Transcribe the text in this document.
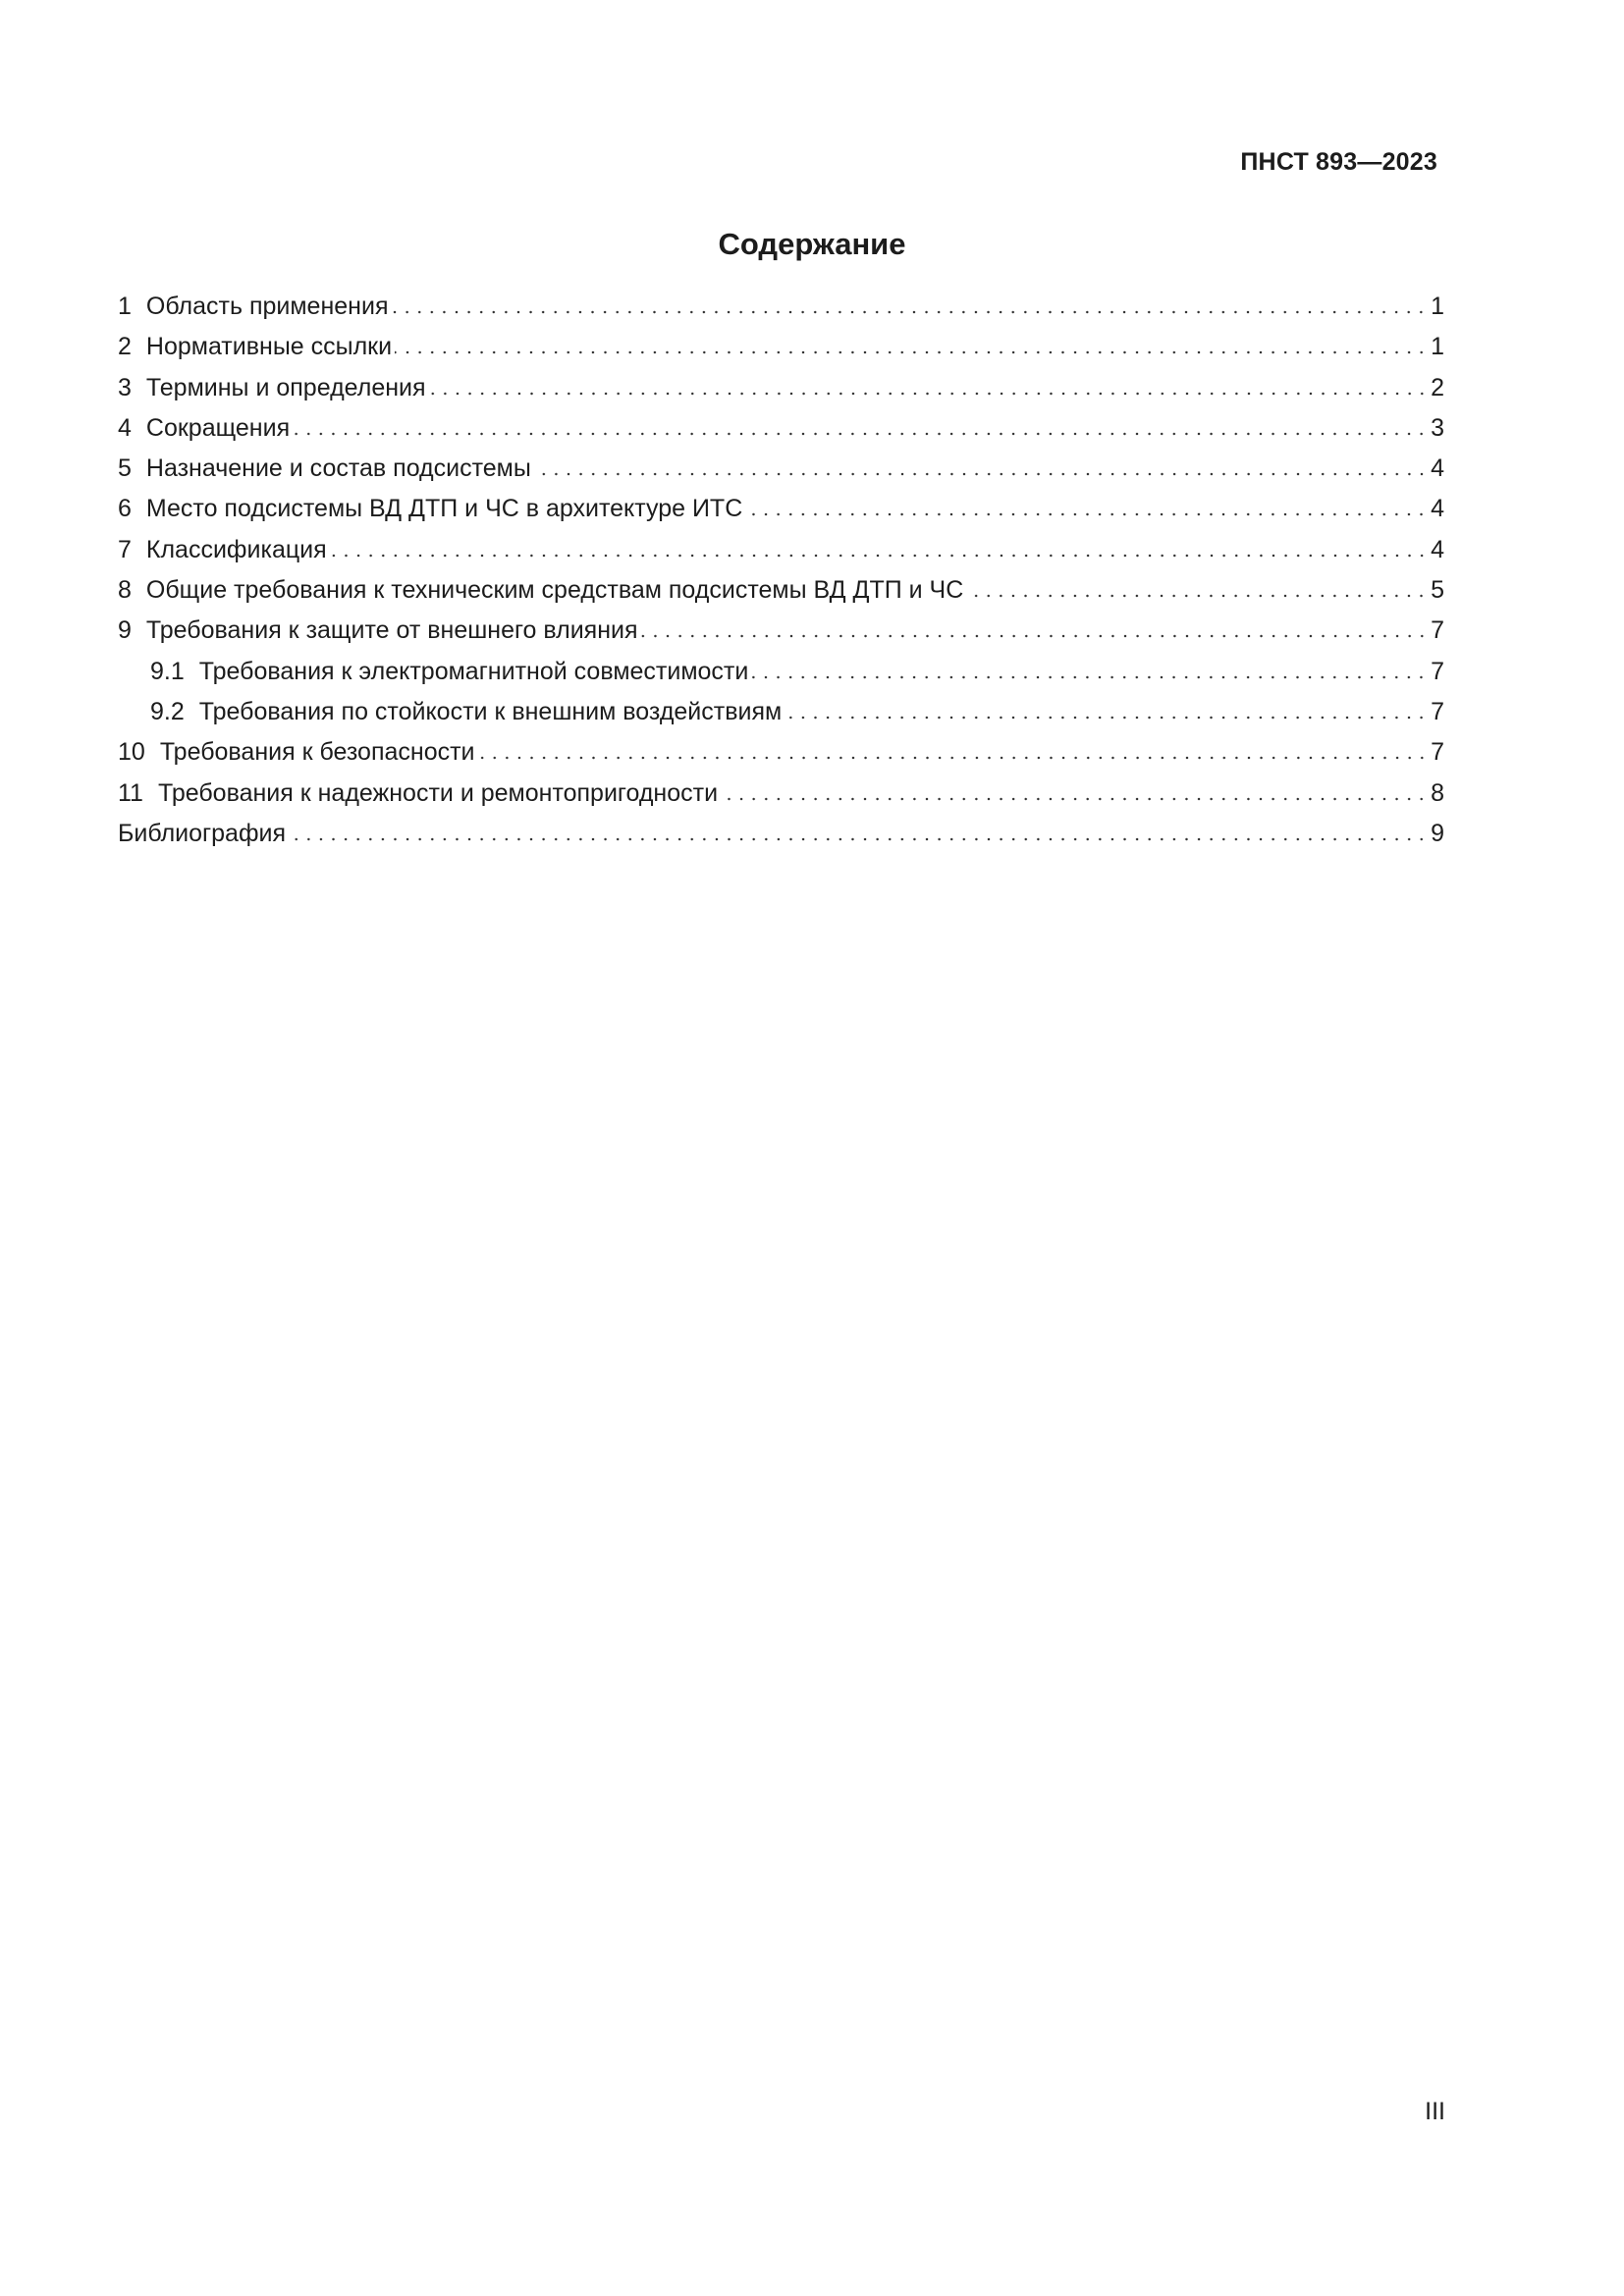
ПНСТ 893—2023
Содержание
1 Область применения	1
2 Нормативные ссылки	1
3 Термины и определения	2
4 Сокращения	3
5 Назначение и состав подсистемы	4
6 Место подсистемы ВД ДТП и ЧС в архитектуре ИТС	4
7 Классификация	4
8 Общие требования к техническим средствам подсистемы ВД ДТП и ЧС	5
9 Требования к защите от внешнего влияния	7
9.1 Требования к электромагнитной совместимости	7
9.2 Требования по стойкости к внешним воздействиям	7
10 Требования к безопасности	7
11 Требования к надежности и ремонтопригодности	8
Библиография	9
III
